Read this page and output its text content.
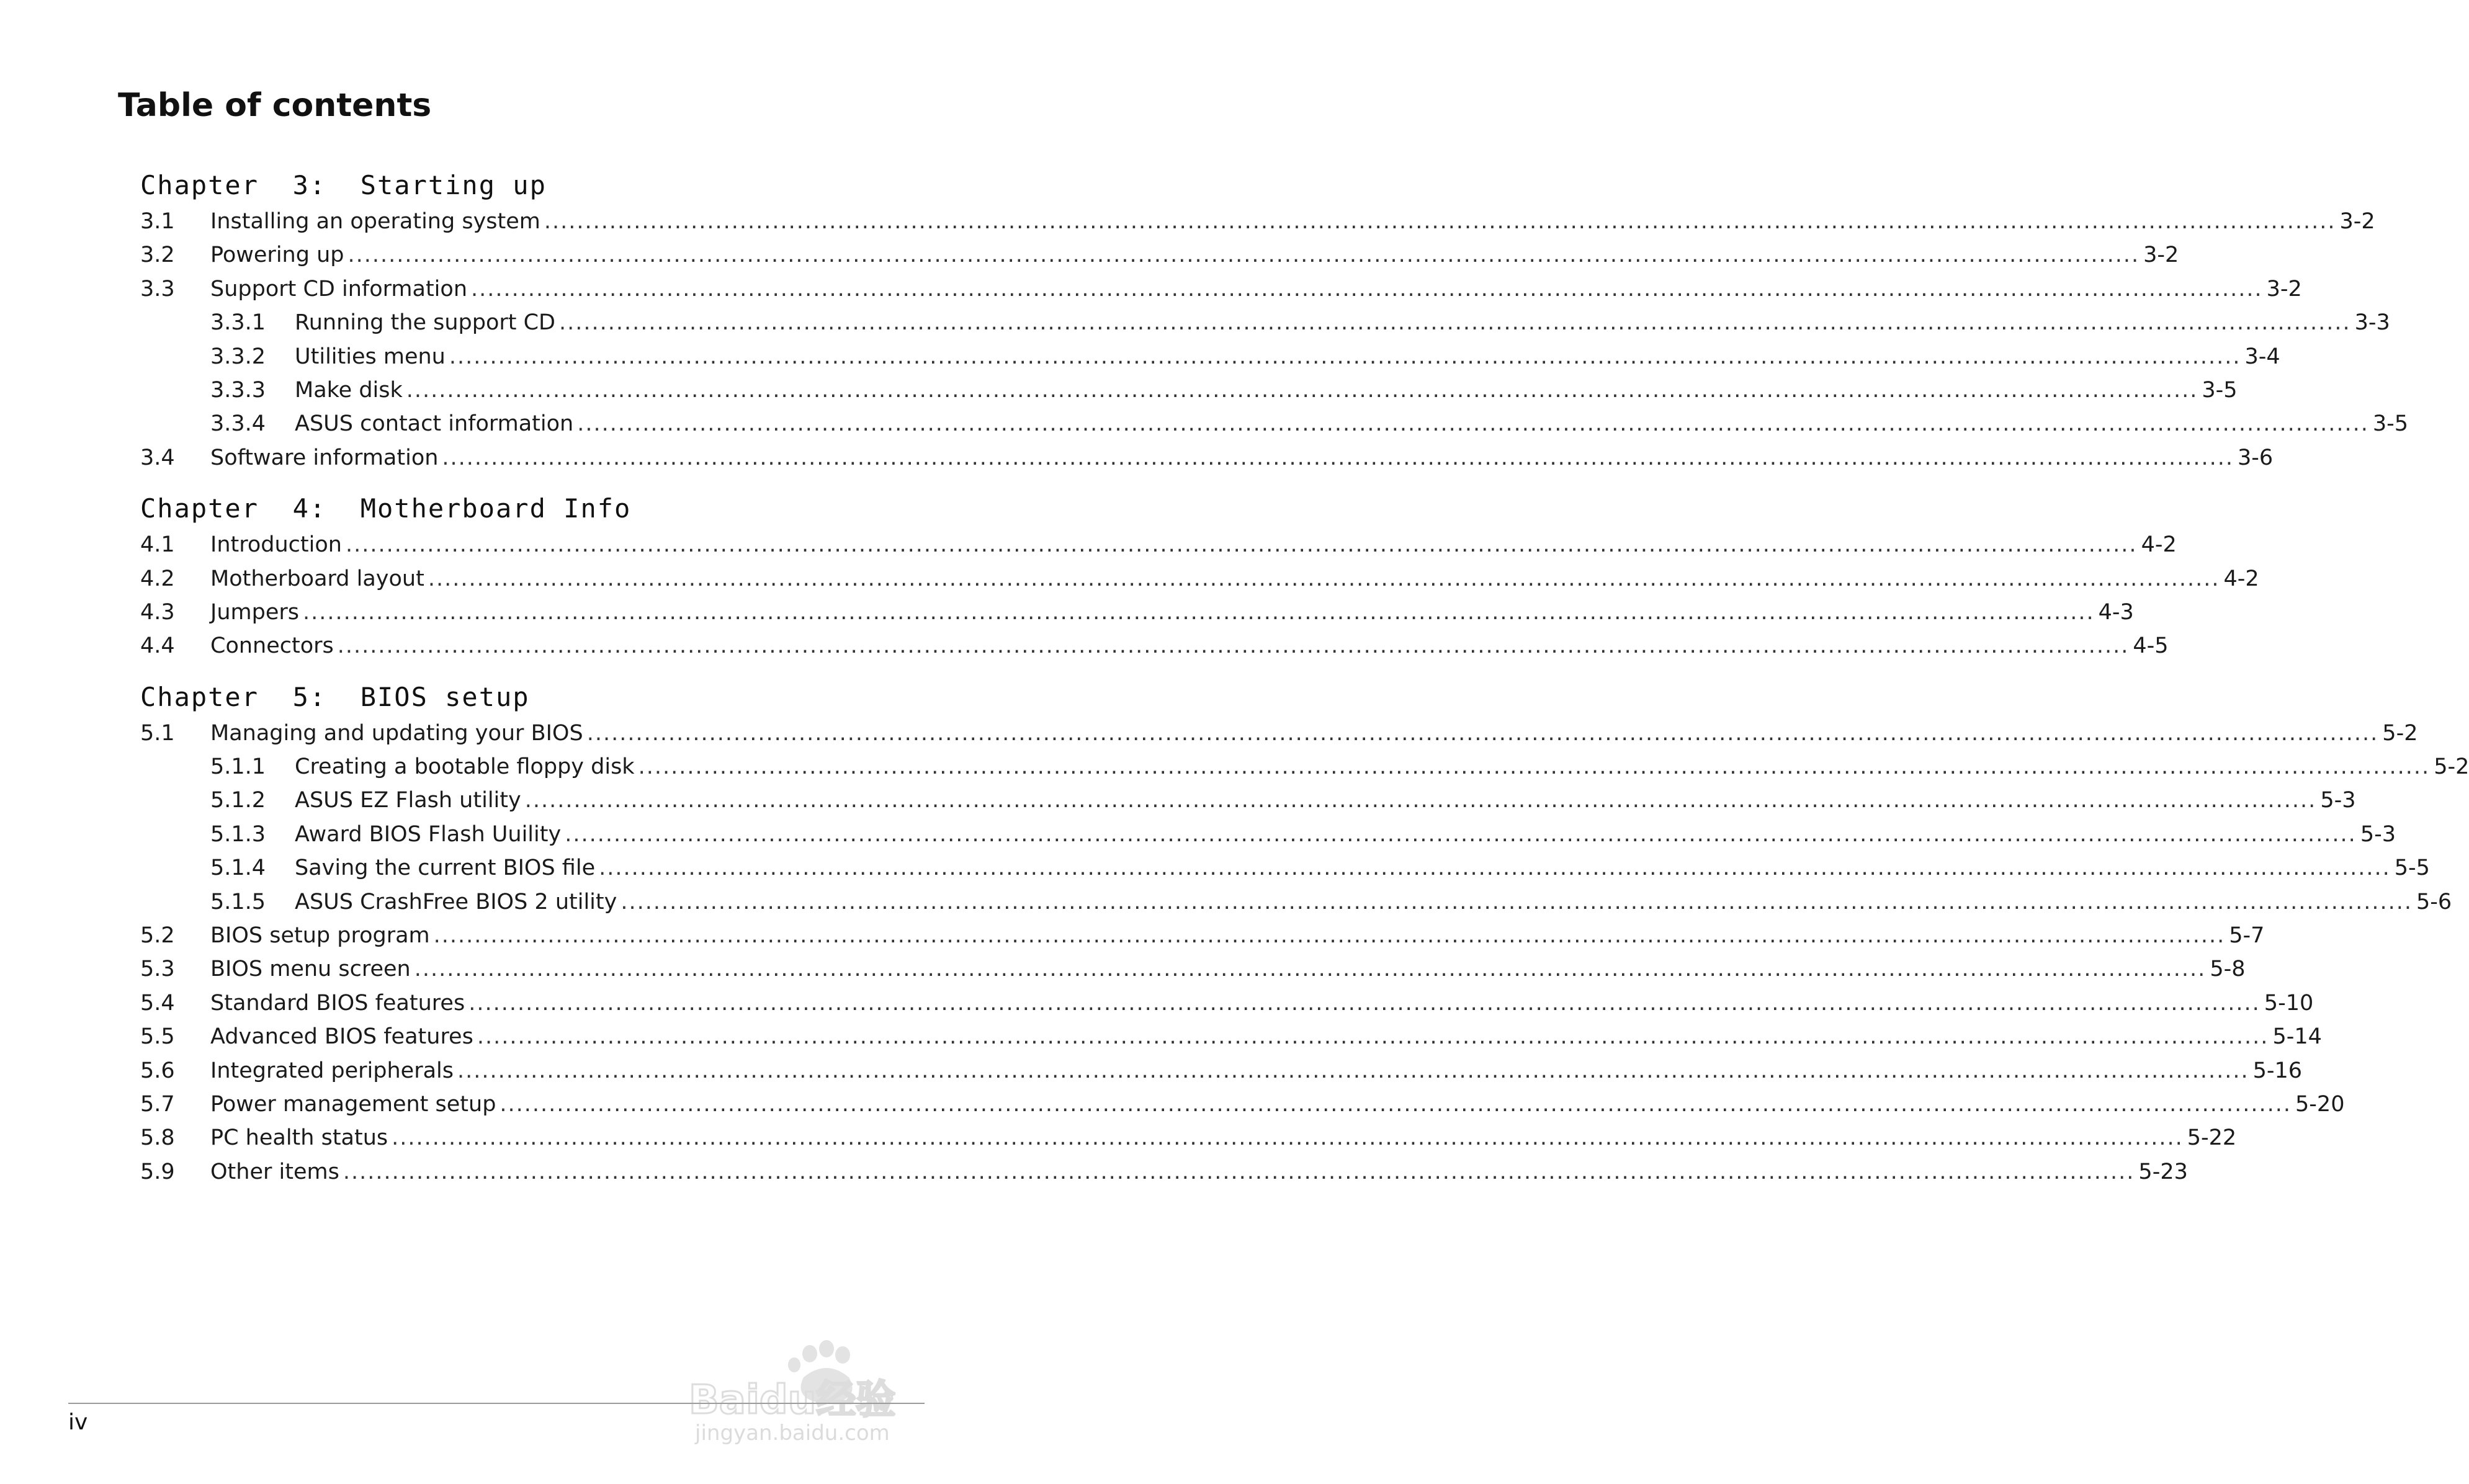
Table of contents
Chapter  3:  Starting up
3.1	Installing an operating system ............................................................................................................................................................................................................................ 3-2
3.2	Powering up ............................................................................................................................................................................................................................ 3-2
3.3	Support CD information ............................................................................................................................................................................................................................ 3-2
3.3.1	Running the support CD ............................................................................................................................................................................................................................ 3-3
3.3.2	Utilities menu ............................................................................................................................................................................................................................ 3-4
3.3.3	Make disk ............................................................................................................................................................................................................................ 3-5
3.3.4	ASUS contact information ............................................................................................................................................................................................................................ 3-5
3.4	Software information ............................................................................................................................................................................................................................ 3-6
Chapter  4:  Motherboard Info
4.1	Introduction ............................................................................................................................................................................................................................ 4-2
4.2	Motherboard layout ............................................................................................................................................................................................................................ 4-2
4.3	Jumpers ............................................................................................................................................................................................................................ 4-3
4.4	Connectors ............................................................................................................................................................................................................................ 4-5
Chapter  5:  BIOS setup
5.1	Managing and updating your BIOS ............................................................................................................................................................................................................................ 5-2
5.1.1	Creating a bootable floppy disk ............................................................................................................................................................................................................................ 5-2
5.1.2	ASUS EZ Flash utility ............................................................................................................................................................................................................................ 5-3
5.1.3	Award BIOS Flash Uuility ............................................................................................................................................................................................................................ 5-3
5.1.4	Saving the current BIOS file ............................................................................................................................................................................................................................ 5-5
5.1.5	ASUS CrashFree BIOS 2 utility ............................................................................................................................................................................................................................ 5-6
5.2	BIOS setup program ............................................................................................................................................................................................................................ 5-7
5.3	BIOS menu screen ............................................................................................................................................................................................................................ 5-8
5.4	Standard BIOS features ............................................................................................................................................................................................................................ 5-10
5.5	Advanced BIOS features ............................................................................................................................................................................................................................ 5-14
5.6	Integrated peripherals ............................................................................................................................................................................................................................ 5-16
5.7	Power management setup ............................................................................................................................................................................................................................ 5-20
5.8	PC health status ............................................................................................................................................................................................................................ 5-22
5.9	Other items ............................................................................................................................................................................................................................ 5-23
iv	Baidu经验
jingyan.baidu.com
